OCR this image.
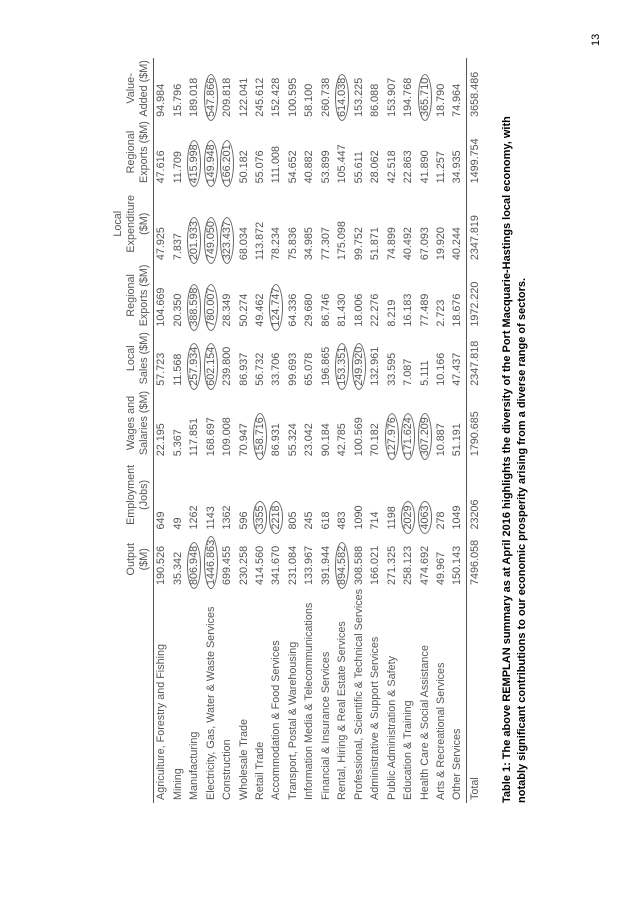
	Output ($M)	Employment (Jobs)	Wages and Salaries ($M)	Local Sales ($M)	Regional Exports ($M)	Local Expenditure ($M)	Regional Exports ($M)	Value-Added ($M)
Agriculture, Forestry and Fishing	190.526	649	22.195	57.723	104.669	47.925	47.616	94.984
Mining	35.342	49	5.367	11.568	20.350	7.837	11.709	15.796
Manufacturing	806.948	1262	117.851	257.934	388.598	201.933	415.998	189.018
Electricity, Gas, Water & Waste Services	1446.863	1143	168.697	602.154	780.007	749.050	149.948	547.866
Construction	699.455	1362	109.008	239.800	28.349	323.437	166.201	209.818
Wholesale Trade	230.258	596	70.947	86.937	50.274	68.034	50.182	122.041
Retail Trade	414.560	3355	158.716	56.732	49.462	113.872	55.076	245.612
Accommodation & Food Services	341.670	2218	86.931	33.706	124.747	78.234	111.008	152.428
Transport, Postal & Warehousing	231.084	805	55.324	99.693	64.336	75.836	54.652	100.595
Information Media & Telecommunications	133.967	245	23.042	65.078	29.680	34.985	40.882	58.100
Financial & Insurance Services	391.944	618	90.184	196.865	86.746	77.307	53.899	260.738
Rental, Hiring & Real Estate Services	894.582	483	42.785	153.351	81.430	175.098	105.447	614.038
Professional, Scientific & Technical Services	308.588	1090	100.569	249.920	18.006	99.752	55.611	153.225
Administrative & Support Services	166.021	714	70.182	132.961	22.276	51.871	28.062	86.088
Public Administration & Safety	271.325	1198	127.976	33.595	8.219	74.899	42.518	153.907
Education & Training	258.123	2029	171.624	7.087	16.183	40.492	22.863	194.768
Health Care & Social Assistance	474.692	4063	307.209	5.111	77.489	67.093	41.890	365.710
Arts & Recreational Services	49.967	278	10.887	10.166	2.723	19.920	11.257	18.790
Other Services	150.143	1049	51.191	47.437	18.676	40.244	34.935	74.964
Total	7496.058	23206	1790.685	2347.818	1972.220	2347.819	1499.754	3658.486
Table 1: The above REMPLAN summary as at April 2016 highlights the diversity of the Port Macquarie-Hastings local economy, with notably significant contributions to our economic prosperity arising from a diverse range of sectors.
13
